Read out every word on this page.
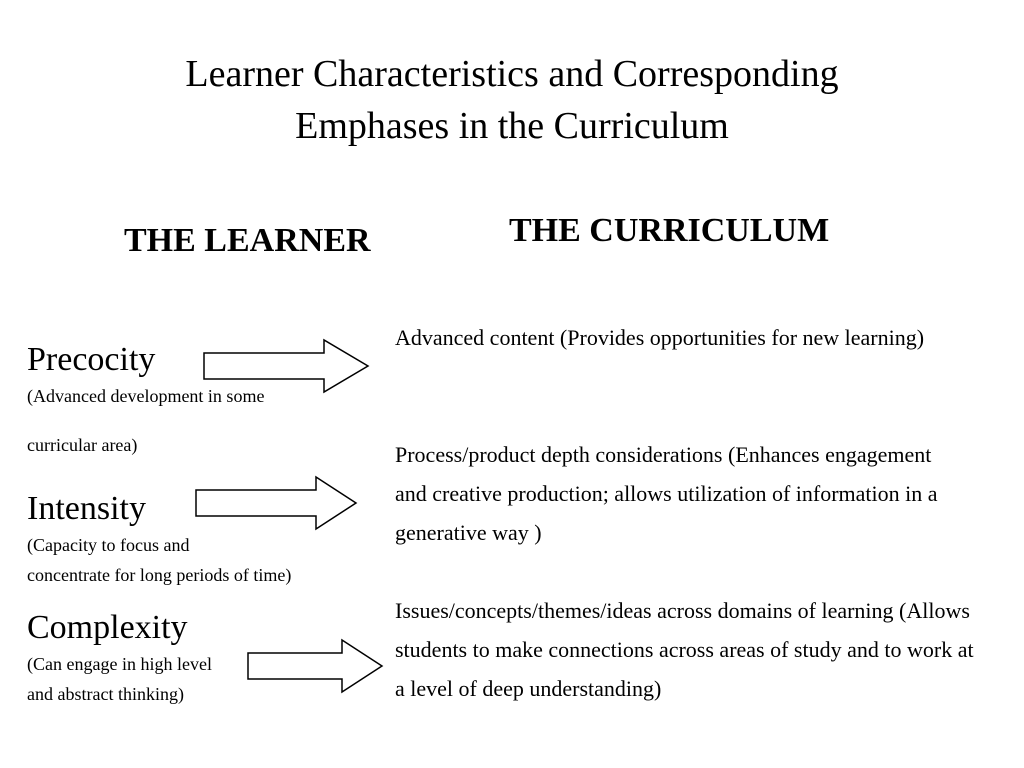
Learner Characteristics and Corresponding
Emphases in the Curriculum
THE LEARNER	THE CURRICULUM
Precocity
(Advanced development in some
curricular area)
Intensity
(Capacity to focus and
concentrate for long periods of time)
Complexity
(Can engage in high level
and abstract thinking)
Advanced content (Provides opportunities for new learning)
Process/product depth considerations (Enhances engagement and creative production; allows utilization of information in a generative way )
Issues/concepts/themes/ideas across domains of learning (Allows students to make connections across areas of study and to work at a level of deep understanding)
